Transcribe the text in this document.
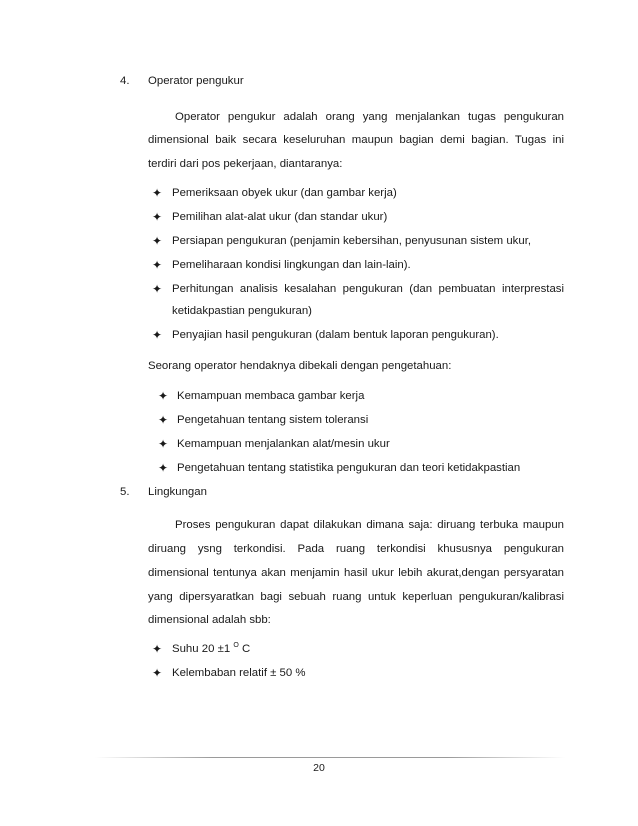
4. Operator pengukur
Operator pengukur adalah orang yang menjalankan tugas pengukuran
dimensional baik secara keseluruhan maupun bagian demi bagian. Tugas ini
terdiri dari pos pekerjaan, diantaranya:
✦ Pemeriksaan obyek ukur (dan gambar kerja)
✦ Pemilihan alat-alat ukur (dan standar ukur)
✦ Persiapan pengukuran (penjamin kebersihan, penyusunan sistem ukur,
✦ Pemeliharaan kondisi lingkungan dan lain-lain).
✦ Perhitungan analisis kesalahan pengukuran (dan pembuatan interprestasi
ketidakpastian pengukuran)
✦ Penyajian hasil pengukuran (dalam bentuk laporan pengukuran).
Seorang operator hendaknya dibekali dengan pengetahuan:
✦ Kemampuan membaca gambar kerja
✦ Pengetahuan tentang sistem toleransi
✦ Kemampuan menjalankan alat/mesin ukur
✦ Pengetahuan tentang statistika pengukuran dan teori ketidakpastian
5. Lingkungan
Proses pengukuran dapat dilakukan dimana saja: diruang terbuka maupun
diruang ysng terkondisi. Pada ruang terkondisi khususnya pengukuran
dimensional tentunya akan menjamin hasil ukur lebih akurat,dengan persyaratan
yang dipersyaratkan bagi sebuah ruang untuk keperluan pengukuran/kalibrasi
dimensional adalah sbb:
✦ Suhu 20 ±1 $^O$ C
✦ Kelembaban relatif ± 50 %
20
